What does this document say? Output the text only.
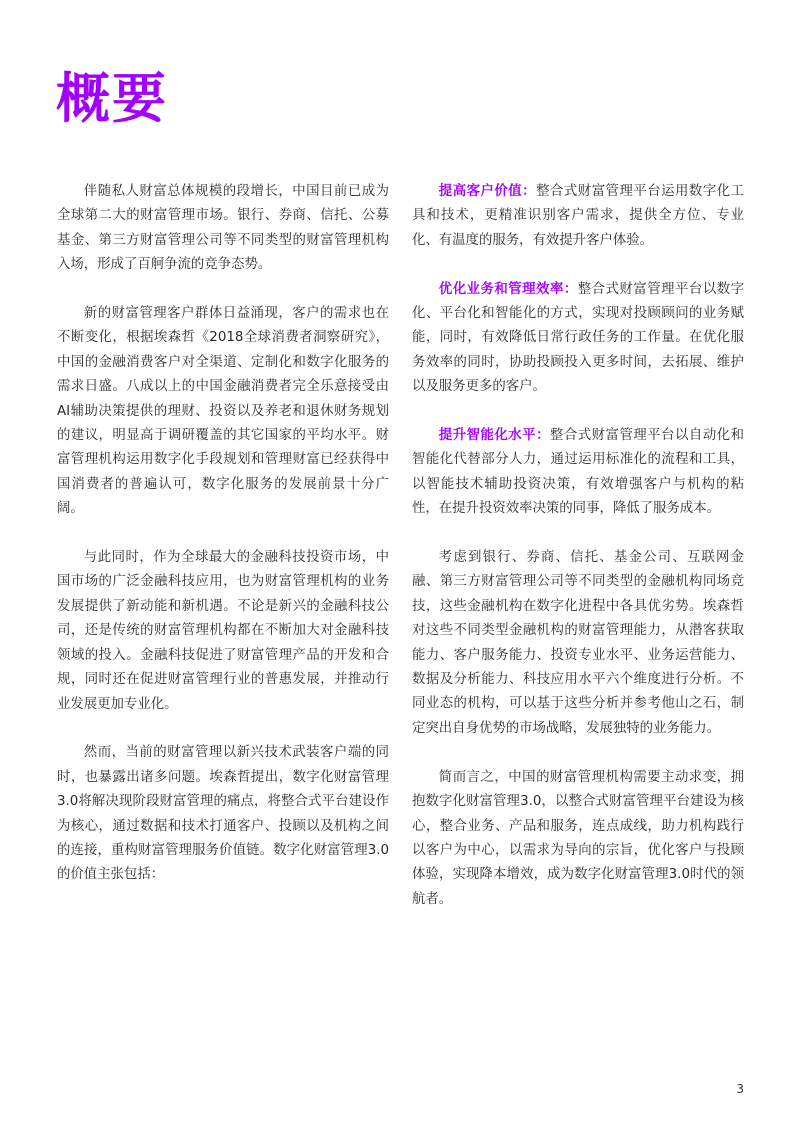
概要

伴随私人财富总体规模的段增长，中国目前已成为全球第二大的财富管理市场。银行、券商、信托、公募基金、第三方财富管理公司等不同类型的财富管理机构入场，形成了百舸争流的竞争态势。

新的财富管理客户群体日益涌现，客户的需求也在不断变化，根据埃森哲《2018全球消费者洞察研究》，中国的金融消费客户对全渠道、定制化和数字化服务的需求日盛。八成以上的中国金融消费者完全乐意接受由AI辅助决策提供的理财、投资以及养老和退休财务规划的建议，明显高于调研覆盖的其它国家的平均水平。财富管理机构运用数字化手段规划和管理财富已经获得中国消费者的普遍认可，数字化服务的发展前景十分广阔。

与此同时，作为全球最大的金融科技投资市场，中国市场的广泛金融科技应用，也为财富管理机构的业务发展提供了新动能和新机遇。不论是新兴的金融科技公司，还是传统的财富管理机构都在不断加大对金融科技领域的投入。金融科技促进了财富管理产品的开发和合规，同时还在促进财富管理行业的普惠发展，并推动行业发展更加专业化。

然而，当前的财富管理以新兴技术武装客户端的同时，也暴露出诸多问题。埃森哲提出，数字化财富管理3.0将解决现阶段财富管理的痛点，将整合式平台建设作为核心，通过数据和技术打通客户、投顾以及机构之间的连接，重构财富管理服务价值链。数字化财富管理3.0的价值主张包括：

提高客户价值：整合式财富管理平台运用数字化工具和技术，更精准识别客户需求，提供全方位、专业化、有温度的服务，有效提升客户体验。

优化业务和管理效率：整合式财富管理平台以数字化、平台化和智能化的方式，实现对投顾顾问的业务赋能，同时，有效降低日常行政任务的工作量。在优化服务效率的同时，协助投顾投入更多时间，去拓展、维护以及服务更多的客户。

提升智能化水平：整合式财富管理平台以自动化和智能化代替部分人力，通过运用标准化的流程和工具，以智能技术辅助投资决策，有效增强客户与机构的粘性，在提升投资效率决策的同事，降低了服务成本。

考虑到银行、券商、信托、基金公司、互联网金融、第三方财富管理公司等不同类型的金融机构同场竞技，这些金融机构在数字化进程中各具优劣势。埃森哲对这些不同类型金融机构的财富管理能力，从潜客获取能力、客户服务能力、投资专业水平、业务运营能力、数据及分析能力、科技应用水平六个维度进行分析。不同业态的机构，可以基于这些分析并参考他山之石，制定突出自身优势的市场战略，发展独特的业务能力。

简而言之，中国的财富管理机构需要主动求变，拥抱数字化财富管理3.0，以整合式财富管理平台建设为核心，整合业务、产品和服务，连点成线，助力机构践行以客户为中心，以需求为导向的宗旨，优化客户与投顾体验，实现降本增效，成为数字化财富管理3.0时代的领航者。

3
